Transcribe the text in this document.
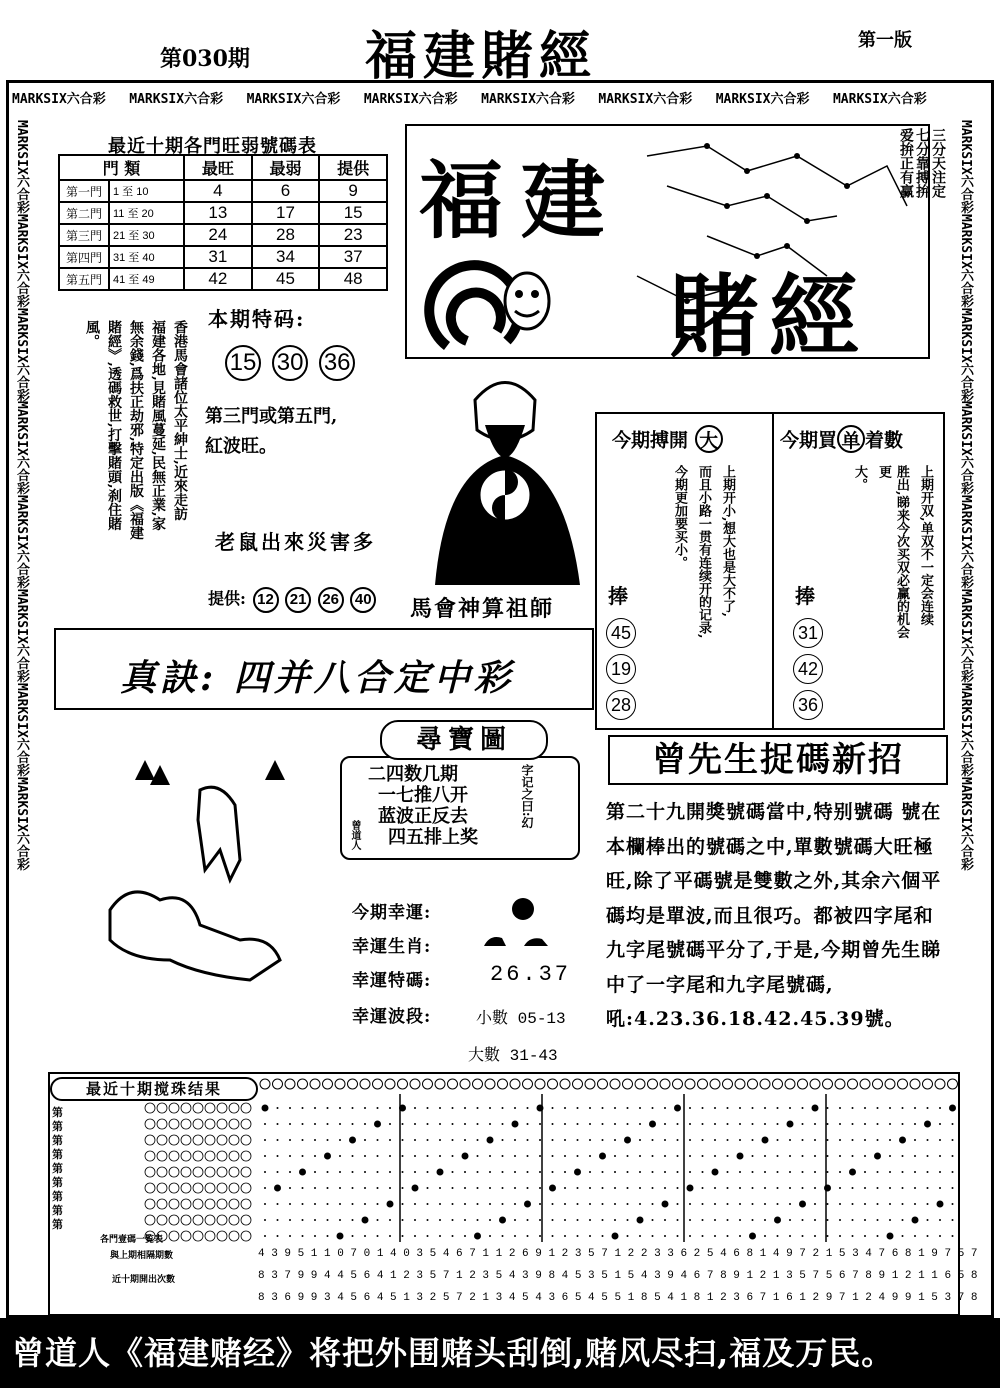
第030期 福建賭經	第一版
MARKSIX六合彩 MARKSIX六合彩 MARKSIX六合彩 MARKSIX六合彩 MARKSIX六合彩 MARKSIX六合彩 MARKSIX六合彩 MARKSIX六合彩
MARKSIX六合彩
MARKSIX六合彩
MARKSIX六合彩
MARKSIX六合彩
MARKSIX六合彩
MARKSIX六合彩
MARKSIX六合彩
MARKSIX六合彩
MARKSIX六合彩
MARKSIX六合彩
MARKSIX六合彩
MARKSIX六合彩
MARKSIX六合彩
MARKSIX六合彩
MARKSIX六合彩
MARKSIX六合彩
最近十期各門旺弱號碼表
門 類		最旺	最弱	提供
第一門	1 至 10	4	6	9
第二門	11 至 20	13	17	15
第三門	21 至 30	24	28	23
第四門	31 至 40	31	34	37
第五門	41 至 49	42	45	48
福建
賭經
三分天注定
七分靠搏拚
爱拚正有赢
香港馬會諸位太平紳士,近來走訪
福建各地,見賭風蔓延,民無正業,家
無余錢,爲扶正劫邪,特定出版《福建
賭經》,透碼救世,打擊賭頭,刹住賭
風。
本期特码:
15 30 36
第三門或第五門,
紅波旺。
老鼠出來災害多
提供: 12 21 26 40 馬會神算祖師
真訣: 四并八合定中彩
今期搏開 大
上期开小,想大也是大不了,
而且小路一贯有连续开的记录,
今期更加要买小。
捧
45
19
28
今期買 单 着數
上期开双,单双不一定会连续
胜出,睇来今次买双必赢的机会更
大。
捧
31
42
36
尋寶圖
二四数几期
一七推八开
蓝波正反去
四五排上奖
字记之曰:幻
曾道人
今期幸運:
幸運生肖:
幸運特碼:	26.37
幸運波段:	小數 05-13
大數 31-43
曾先生捉碼新招
第二十九開獎號碼當中,特别號碼 號在本欄棒出的號碼之中,單數號碼大旺極旺,除了平碼號是雙數之外,其余六個平碼均是單波,而且很巧。都被四字尾和九字尾號碼平分了,于是,今期曾先生睇中了一字尾和九字尾號碼,吼:4.23.36.18.42.45.39號。
最近十期搅珠结果
第
第
第
第
第
第
第
第
第
各門壹碼一覧表
與上期相隔期數
近十期開出次數
4 3 9 5 1 1 0 7 0 1 4 0 3 5 4 6 7 1 1 2 6 9 1 2 3 5 7 1 2 2 3 3 6 2 5 4 6 8 1 4 9 7 2 1 5 3 4 7 6 8 1 9 7 5 7
8 3 7 9 9 4 4 5 6 4 1 2 3 5 7 1 2 3 5 4 3 9 8 4 5 3 5 1 5 4 3 9 4 6 7 8 9 1 2 1 3 5 7 5 6 7 8 9 1 2 1 1 6 5 8
8 3 6 9 9 3 4 5 6 4 5 1 3 2 5 7 2 1 3 4 5 4 3 6 5 4 5 5 1 8 5 4 1 8 1 2 3 6 7 1 6 1 2 9 7 1 2 4 9 9 1 5 3 7 8
曾道人《福建赌经》将把外围赌头刮倒,赌风尽扫,福及万民。
